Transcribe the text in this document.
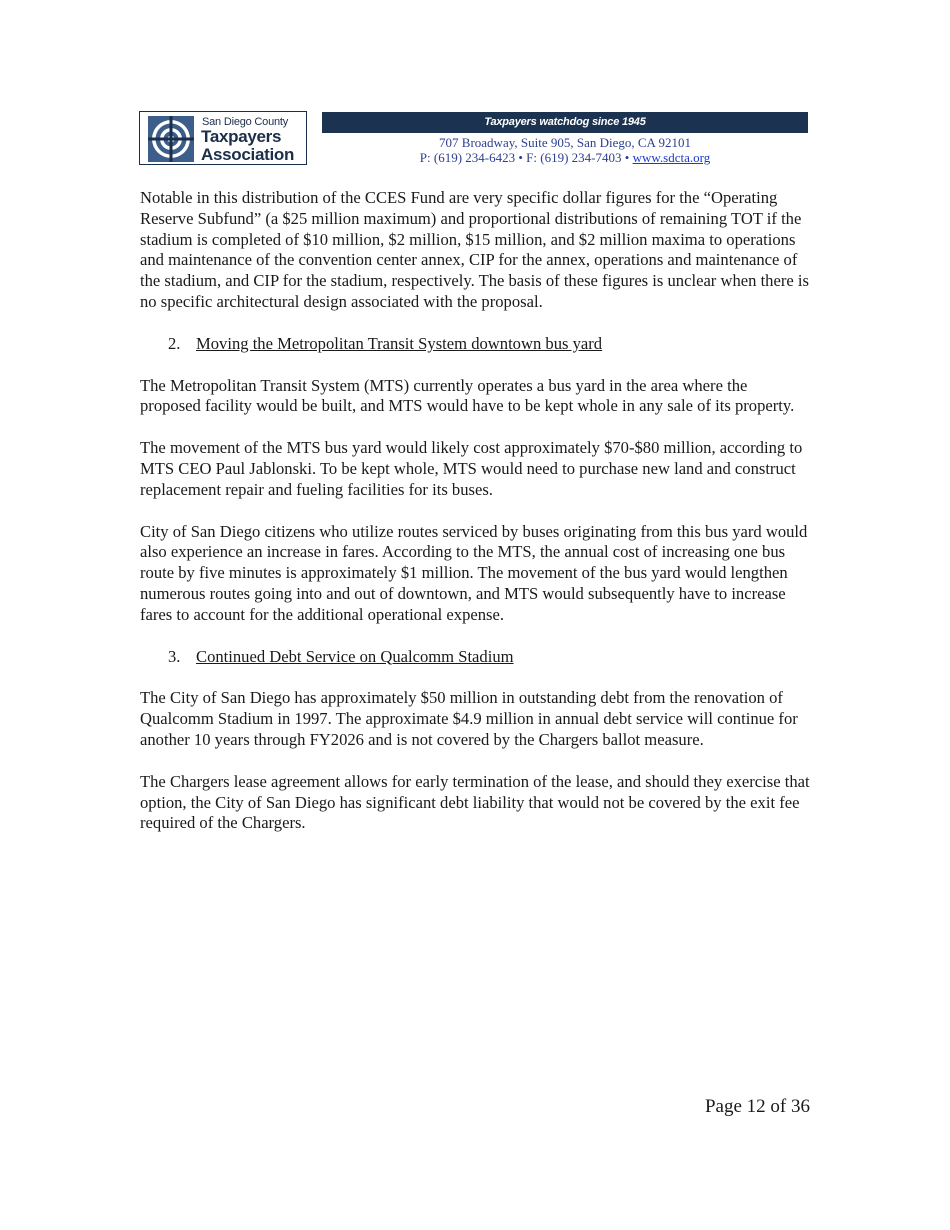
San Diego County
Taxpayers
Association
Taxpayers watchdog since 1945
707 Broadway, Suite 905, San Diego, CA 92101
P: (619) 234-6423 • F: (619) 234-7403 • www.sdcta.org

Notable in this distribution of the CCES Fund are very specific dollar figures for the “Operating Reserve Subfund” (a $25 million maximum) and proportional distributions of remaining TOT if the stadium is completed of $10 million, $2 million, $15 million, and $2 million maxima to operations and maintenance of the convention center annex, CIP for the annex, operations and maintenance of the stadium, and CIP for the stadium, respectively. The basis of these figures is unclear when there is no specific architectural design associated with the proposal.

2. Moving the Metropolitan Transit System downtown bus yard

The Metropolitan Transit System (MTS) currently operates a bus yard in the area where the proposed facility would be built, and MTS would have to be kept whole in any sale of its property.

The movement of the MTS bus yard would likely cost approximately $70-$80 million, according to MTS CEO Paul Jablonski. To be kept whole, MTS would need to purchase new land and construct replacement repair and fueling facilities for its buses.

City of San Diego citizens who utilize routes serviced by buses originating from this bus yard would also experience an increase in fares. According to the MTS, the annual cost of increasing one bus route by five minutes is approximately $1 million. The movement of the bus yard would lengthen numerous routes going into and out of downtown, and MTS would subsequently have to increase fares to account for the additional operational expense.

3. Continued Debt Service on Qualcomm Stadium

The City of San Diego has approximately $50 million in outstanding debt from the renovation of Qualcomm Stadium in 1997. The approximate $4.9 million in annual debt service will continue for another 10 years through FY2026 and is not covered by the Chargers ballot measure.

The Chargers lease agreement allows for early termination of the lease, and should they exercise that option, the City of San Diego has significant debt liability that would not be covered by the exit fee required of the Chargers.

Page 12 of 36
